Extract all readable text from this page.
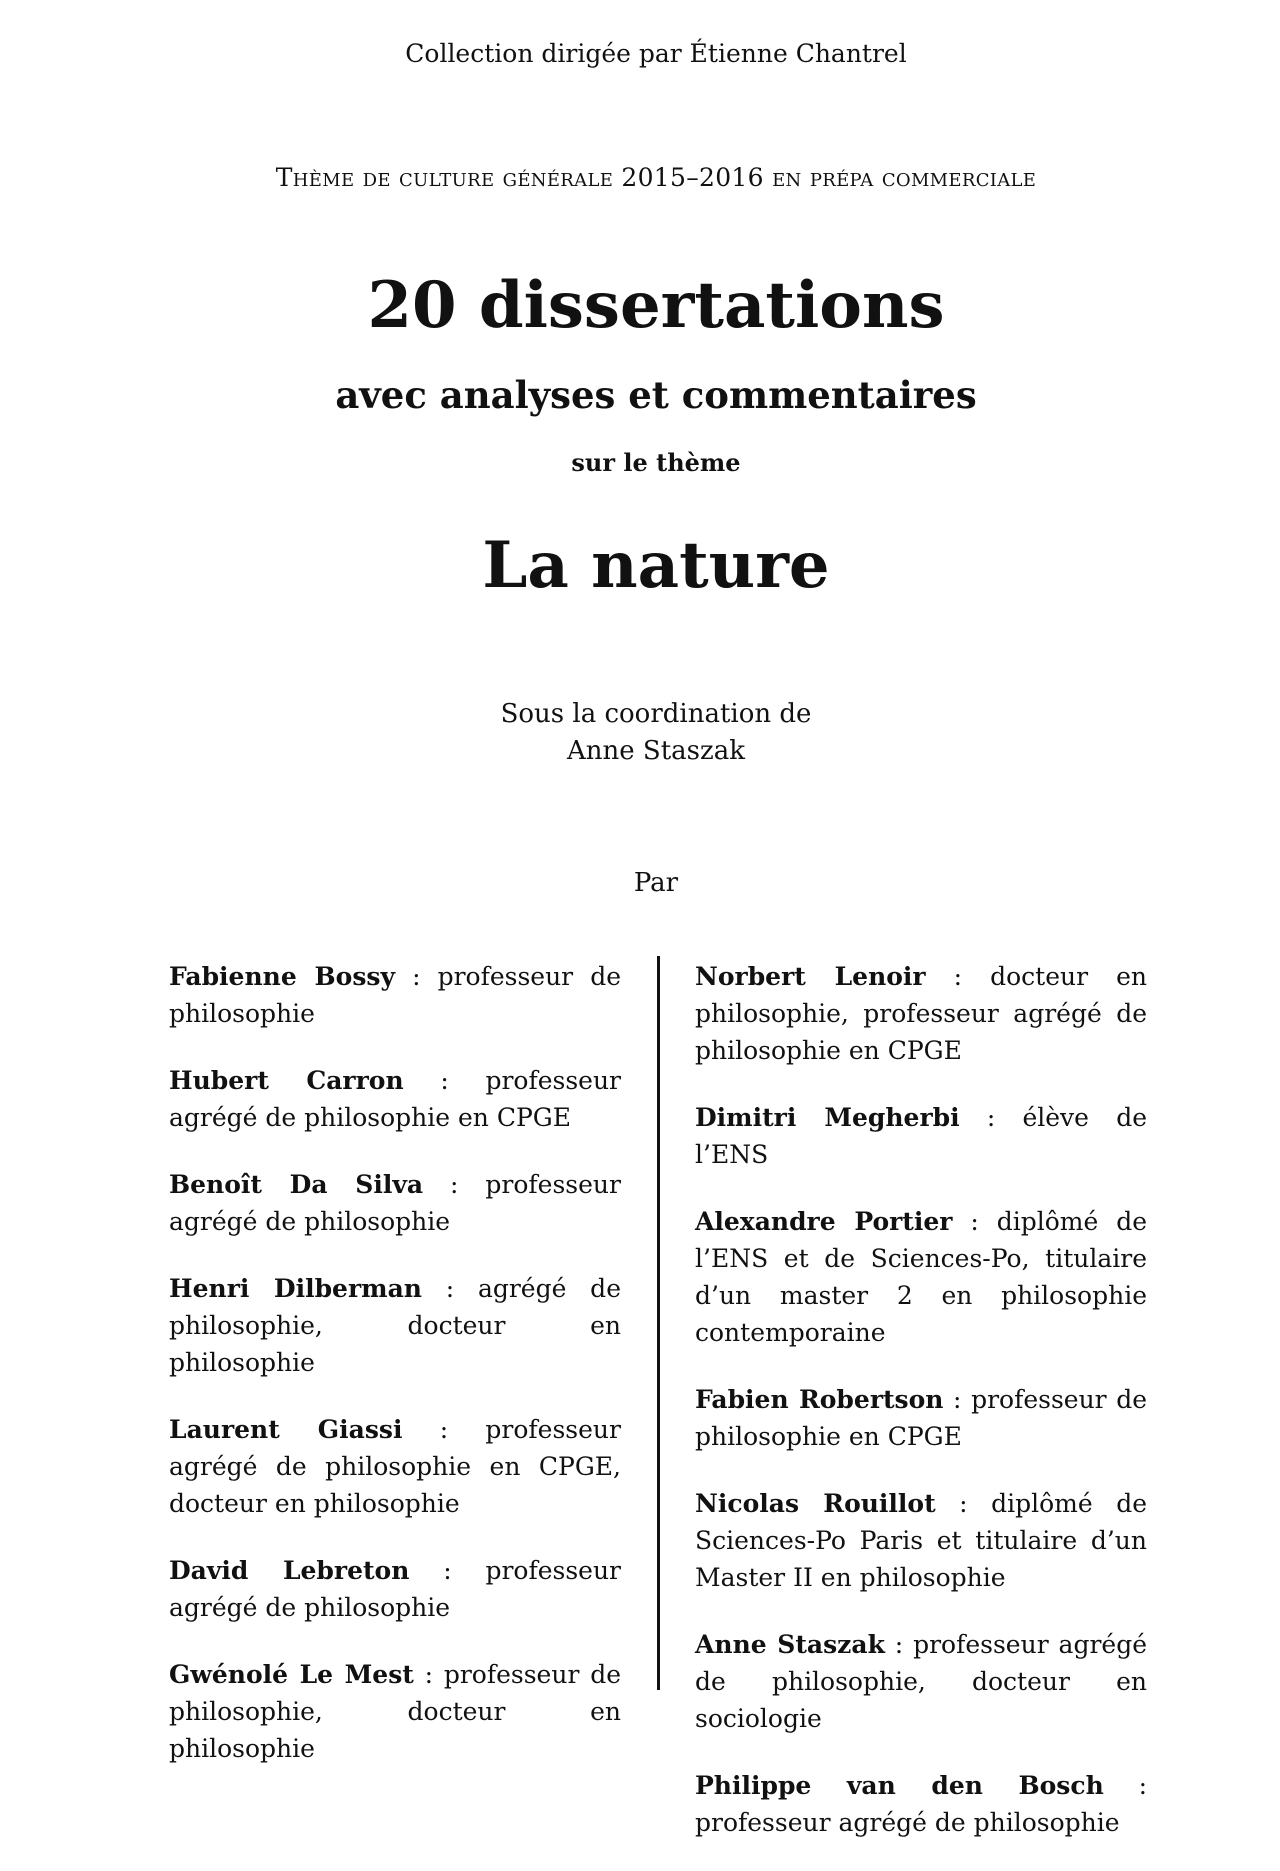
Collection dirigée par Étienne Chantrel
Thème de culture générale 2015–2016 en prépa commerciale
20 dissertations
avec analyses et commentaires
sur le thème
La nature
Sous la coordination de
Anne Staszak
Par

Fabienne Bossy : professeur de philosophie

Hubert Carron :	professeur agrégé de philosophie en CPGE

Benoît Da Silva : professeur agrégé de philosophie

Henri Dilberman : agrégé de philosophie, docteur en philosophie

Laurent Giassi :	professeur agrégé de philosophie en CPGE, docteur en philosophie

David Lebreton :	professeur agrégé de philosophie

Gwénolé Le Mest : professeur de philosophie, docteur en philosophie

Norbert Lenoir :	docteur en philosophie, professeur agrégé de philosophie en CPGE

Dimitri Megherbi :	élève de l’ENS

Alexandre Portier : diplômé de l’ENS et de Sciences-Po, titulaire d’un master 2 en philosophie contemporaine

Fabien Robertson : professeur de philosophie en CPGE

Nicolas Rouillot : diplômé de Sciences-Po Paris et titulaire d’un Master II en philosophie

Anne Staszak : professeur agrégé de philosophie, docteur en sociologie

Philippe van den Bosch: professeur agrégé de philosophie
